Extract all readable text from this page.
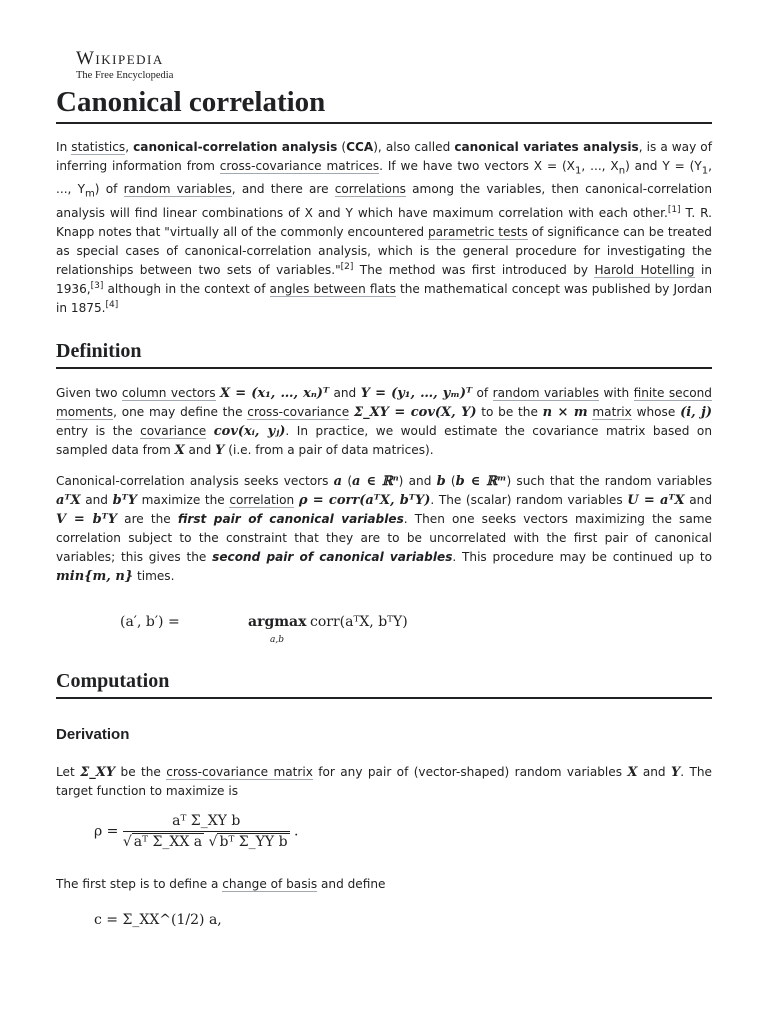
Wikipedia
The Free Encyclopedia
Canonical correlation

In statistics, canonical-correlation analysis (CCA), also called canonical variates analysis, is a way of inferring information from cross-covariance matrices. If we have two vectors $X = (X_1$, ..., $X_n$) and $Y = (Y_1$, ..., $Y_m$) of random variables, and there are correlations among the variables, then canonical-correlation analysis will find linear combinations of X and Y which have maximum correlation with each other.[1] T. R. Knapp notes that "virtually all of the commonly encountered parametric tests of significance can be treated as special cases of canonical-correlation analysis, which is the general procedure for investigating the relationships between two sets of variables."[2] The method was first introduced by Harold Hotelling in 1936,[3] although in the context of angles between flats the mathematical concept was published by Jordan in 1875.[4]

Definition

Given two column vectors X = (x₁, …, xₙ)ᵀ and Y = (y₁, …, yₘ)ᵀ of random variables with finite second moments, one may define the cross-covariance Σ_XY = cov(X, Y) to be the n × m matrix whose (i, j) entry is the covariance cov(xᵢ, yⱼ). In practice, we would estimate the covariance matrix based on sampled data from X and Y (i.e. from a pair of data matrices).

Canonical-correlation analysis seeks vectors a (a ∈ ℝⁿ) and b (b ∈ ℝᵐ) such that the random variables aᵀX and bᵀY maximize the correlation ρ = corr(aᵀX, bᵀY). The (scalar) random variables U = aᵀX and V = bᵀY are the first pair of canonical variables. Then one seeks vectors maximizing the same correlation subject to the constraint that they are to be uncorrelated with the first pair of canonical variables; this gives the second pair of canonical variables. This procedure may be continued up to min{m, n} times.

(a′, b′) =	argmax
a,b
corr(aᵀX, bᵀY)
Computation
Derivation

Let Σ_XY be the cross-covariance matrix for any pair of (vector-shaped) random variables X and Y. The target function to maximize is

$\rho = \frac{\text{aᵀ Σ\_XY b}}{\text{√ aᵀ Σ\_XX a √ bᵀ Σ\_YY b}}$ .

The first step is to define a change of basis and define

c = Σ_XX^(1/2) a,
